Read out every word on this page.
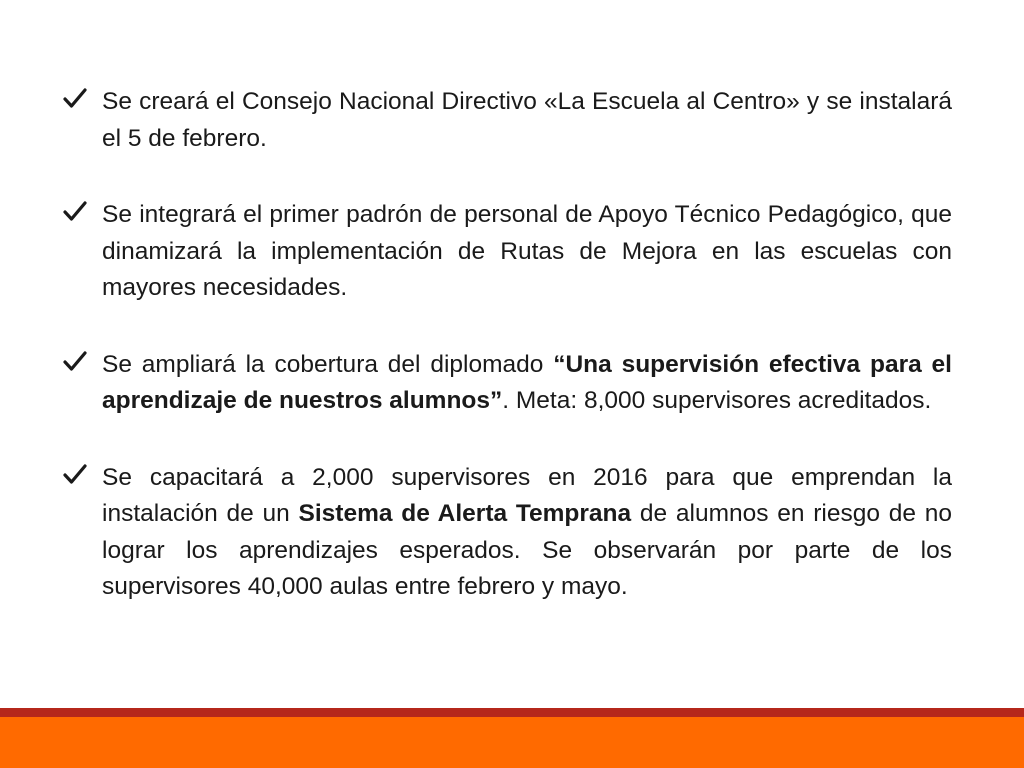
Se creará el Consejo Nacional Directivo «La Escuela al Centro» y se instalará el 5 de febrero.
Se integrará el primer padrón de personal de Apoyo Técnico Pedagógico, que dinamizará la implementación de Rutas de Mejora en las escuelas con mayores necesidades.
Se ampliará la cobertura del diplomado “Una supervisión efectiva para el aprendizaje de nuestros alumnos”. Meta: 8,000 supervisores acreditados.
Se capacitará a 2,000 supervisores en 2016 para que emprendan la instalación de un Sistema de Alerta Temprana de alumnos en riesgo de no lograr los aprendizajes esperados. Se observarán por parte de los supervisores 40,000 aulas entre febrero y mayo.
